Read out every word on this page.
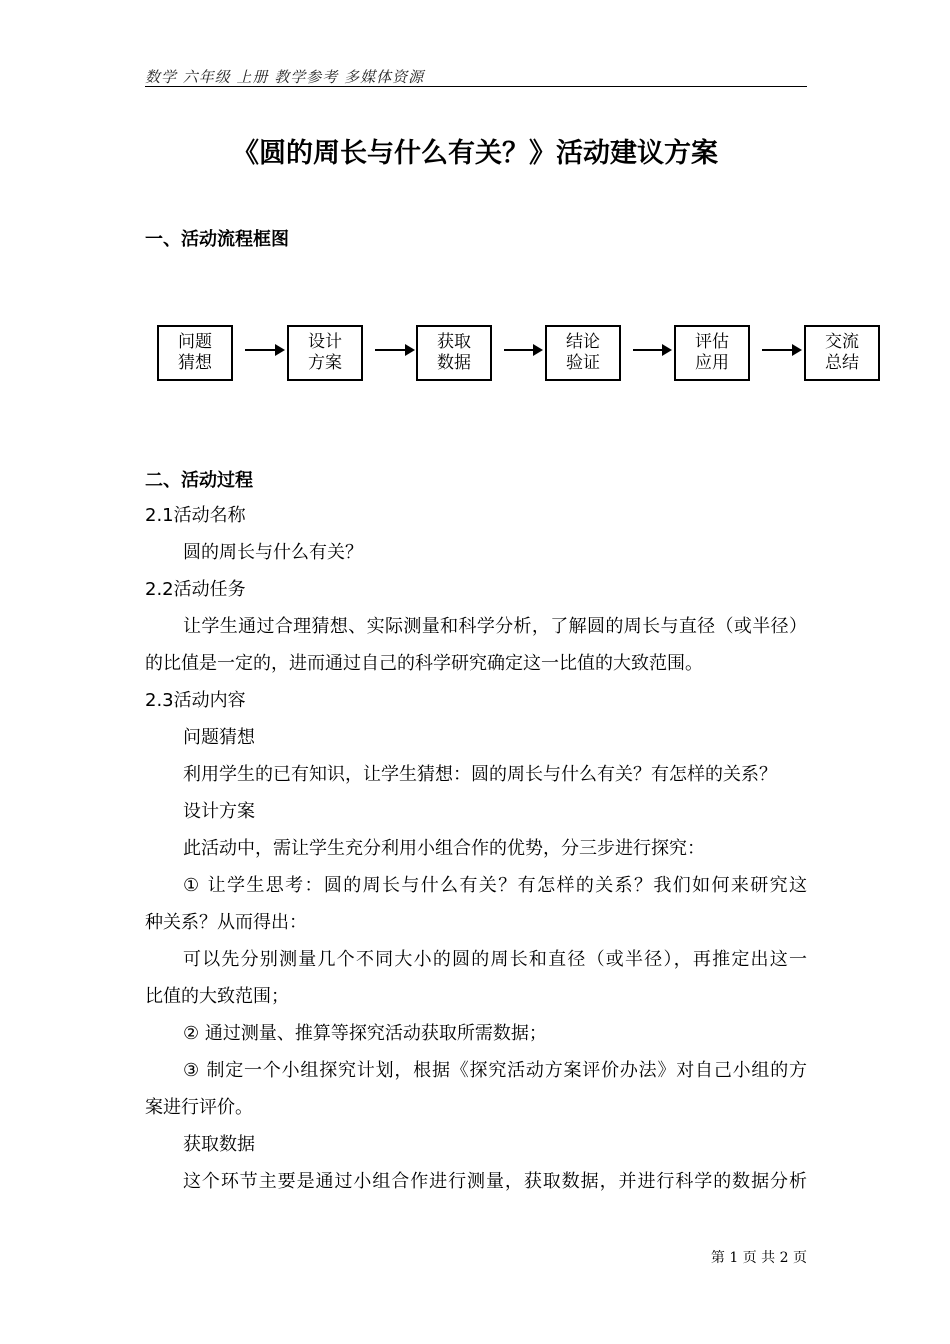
数学 六年级 上册 教学参考 多媒体资源
《圆的周长与什么有关？》活动建议方案
一、活动流程框图
问题
猜想
设计
方案
获取
数据
结论
验证
评估
应用
交流
总结
二、活动过程
2.1活动名称
圆的周长与什么有关？
2.2活动任务
让学生通过合理猜想、实际测量和科学分析，了解圆的周长与直径（或半径）
的比值是一定的，进而通过自己的科学研究确定这一比值的大致范围。
2.3活动内容
问题猜想
利用学生的已有知识，让学生猜想：圆的周长与什么有关？有怎样的关系？
设计方案
此活动中，需让学生充分利用小组合作的优势，分三步进行探究：
① 让学生思考：圆的周长与什么有关？有怎样的关系？我们如何来研究这
种关系？从而得出：
可以先分别测量几个不同大小的圆的周长和直径（或半径），再推定出这一
比值的大致范围；
② 通过测量、推算等探究活动获取所需数据；
③ 制定一个小组探究计划，根据《探究活动方案评价办法》对自己小组的方
案进行评价。
获取数据
这个环节主要是通过小组合作进行测量，获取数据，并进行科学的数据分析
第 1 页 共 2 页
